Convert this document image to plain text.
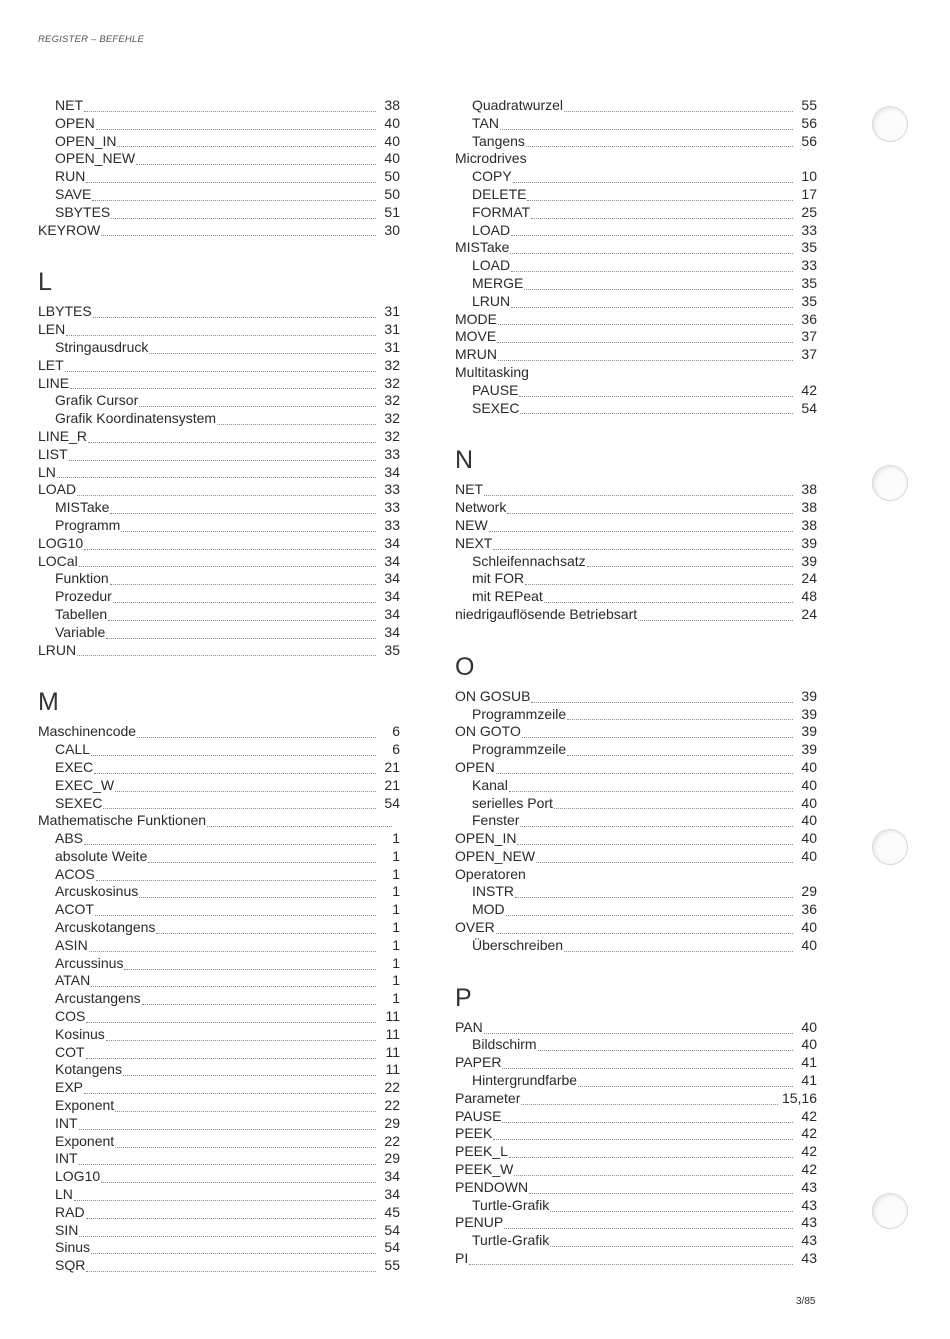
REGISTER – BEFEHLE
NET	38
OPEN	40
OPEN_IN	40
OPEN_NEW	40
RUN	50
SAVE	50
SBYTES	51
KEYROW	30
L
LBYTES	31
LEN	31
Stringausdruck	31
LET	32
LINE	32
Grafik Cursor	32
Grafik Koordinatensystem	32
LINE_R	32
LIST	33
LN	34
LOAD	33
MISTake	33
Programm	33
LOG10	34
LOCal	34
Funktion	34
Prozedur	34
Tabellen	34
Variable	34
LRUN	35
M
Maschinencode	6
CALL	6
EXEC	21
EXEC_W	21
SEXEC	54
Mathematische Funktionen
ABS	1
absolute Weite	1
ACOS	1
Arcuskosinus	1
ACOT	1
Arcuskotangens	1
ASIN	1
Arcussinus	1
ATAN	1
Arcustangens	1
COS	11
Kosinus	11
COT	11
Kotangens	11
EXP	22
Exponent	22
INT	29
Exponent	22
INT	29
LOG10	34
LN	34
RAD	45
SIN	54
Sinus	54
SQR	55
Quadratwurzel	55
TAN	56
Tangens	56
Microdrives
COPY	10
DELETE	17
FORMAT	25
LOAD	33
MISTake	35
LOAD	33
MERGE	35
LRUN	35
MODE	36
MOVE	37
MRUN	37
Multitasking
PAUSE	42
SEXEC	54
N
NET	38
Network	38
NEW	38
NEXT	39
Schleifennachsatz	39
mit FOR	24
mit REPeat	48
niedrigauflösende Betriebsart	24
O
ON GOSUB	39
Programmzeile	39
ON GOTO	39
Programmzeile	39
OPEN	40
Kanal	40
serielles Port	40
Fenster	40
OPEN_IN	40
OPEN_NEW	40
Operatoren
INSTR	29
MOD	36
OVER	40
Überschreiben	40
P
PAN	40
Bildschirm	40
PAPER	41
Hintergrundfarbe	41
Parameter	15,16
PAUSE	42
PEEK	42
PEEK_L	42
PEEK_W	42
PENDOWN	43
Turtle-Grafik	43
PENUP	43
Turtle-Grafik	43
PI	43
3/85
